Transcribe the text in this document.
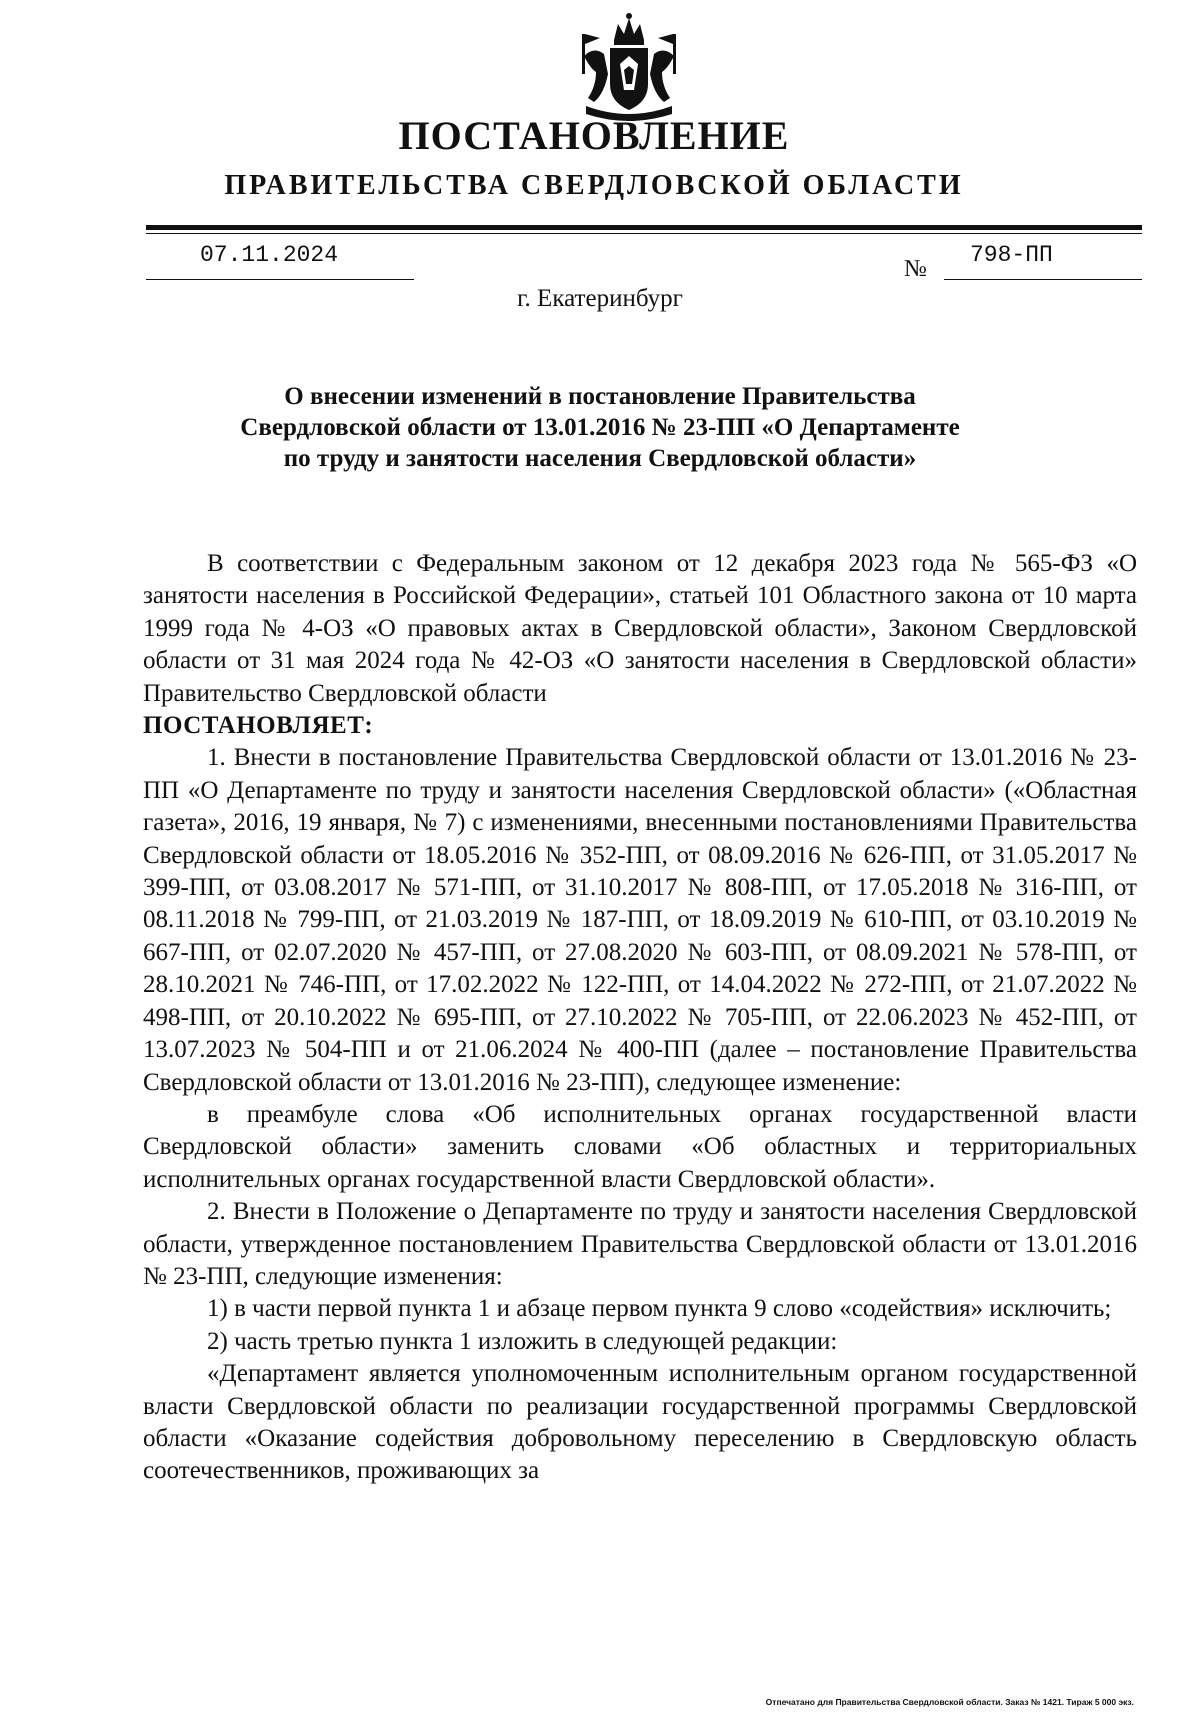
ПОСТАНОВЛЕНИЕ
ПРАВИТЕЛЬСТВА СВЕРДЛОВСКОЙ ОБЛАСТИ
07.11.2024
№
798-ПП
г. Екатеринбург
О внесении изменений в постановление Правительства
Свердловской области от 13.01.2016 № 23-ПП «О Департаменте
по труду и занятости населения Свердловской области»

В соответствии с Федеральным законом от 12 декабря 2023 года № 565-ФЗ «О занятости населения в Российской Федерации», статьей 101 Областного закона от 10 марта 1999 года № 4-ОЗ «О правовых актах в Свердловской области», Законом Свердловской области от 31 мая 2024 года № 42-ОЗ «О занятости населения в Свердловской области» Правительство Свердловской области

ПОСТАНОВЛЯЕТ:

1. Внести в постановление Правительства Свердловской области от 13.01.2016 № 23-ПП «О Департаменте по труду и занятости населения Свердловской области» («Областная газета», 2016, 19 января, № 7) с изменениями, внесенными постановлениями Правительства Свердловской области от 18.05.2016 № 352-ПП, от 08.09.2016 № 626-ПП, от 31.05.2017 № 399-ПП, от 03.08.2017 № 571-ПП, от 31.10.2017 № 808-ПП, от 17.05.2018 № 316-ПП, от 08.11.2018 № 799-ПП, от 21.03.2019 № 187-ПП, от 18.09.2019 № 610-ПП, от 03.10.2019 № 667-ПП, от 02.07.2020 № 457-ПП, от 27.08.2020 № 603-ПП, от 08.09.2021 № 578-ПП, от 28.10.2021 № 746-ПП, от 17.02.2022 № 122-ПП, от 14.04.2022 № 272-ПП, от 21.07.2022 № 498-ПП, от 20.10.2022 № 695-ПП, от 27.10.2022 № 705-ПП, от 22.06.2023 № 452-ПП, от 13.07.2023 № 504-ПП и от 21.06.2024 № 400-ПП (далее – постановление Правительства Свердловской области от 13.01.2016 № 23-ПП), следующее изменение:

в преамбуле слова «Об исполнительных органах государственной власти Свердловской области» заменить словами «Об областных и территориальных исполнительных органах государственной власти Свердловской области».

2. Внести в Положение о Департаменте по труду и занятости населения Свердловской области, утвержденное постановлением Правительства Свердловской области от 13.01.2016 № 23-ПП, следующие изменения:

1) в части первой пункта 1 и абзаце первом пункта 9 слово «содействия» исключить;

2) часть третью пункта 1 изложить в следующей редакции:

«Департамент является уполномоченным исполнительным органом государственной власти Свердловской области по реализации государственной программы Свердловской области «Оказание содействия добровольному переселению в Свердловскую область соотечественников, проживающих за

Отпечатано для Правительства Свердловской области. Заказ № 1421. Тираж 5 000 экз.
